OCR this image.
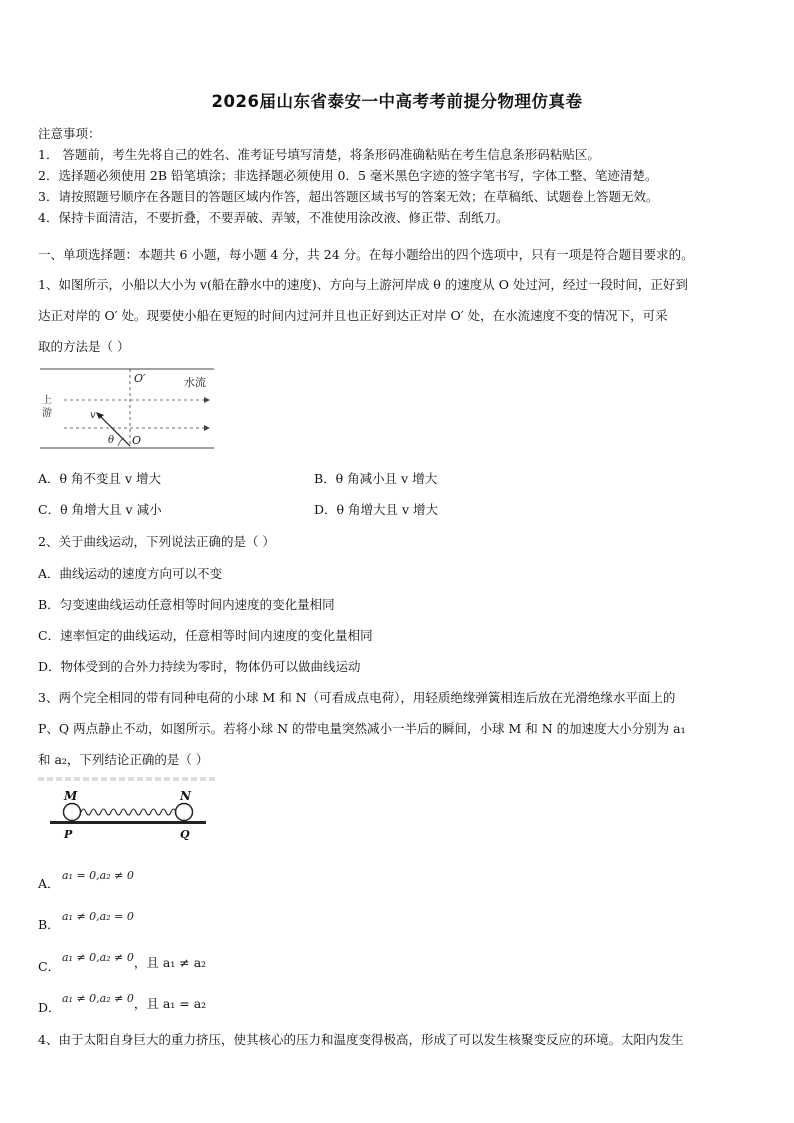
2026届山东省泰安一中高考考前提分物理仿真卷
注意事项：
1． 答题前，考生先将自己的姓名、准考证号填写清楚，将条形码准确粘贴在考生信息条形码粘贴区。
2．选择题必须使用 2B 铅笔填涂；非选择题必须使用 0．5 毫米黑色字迹的签字笔书写，字体工整、笔迹清楚。
3．请按照题号顺序在各题目的答题区域内作答，超出答题区域书写的答案无效；在草稿纸、试题卷上答题无效。
4．保持卡面清洁，不要折叠，不要弄破、弄皱，不准使用涂改液、修正带、刮纸刀。
一、单项选择题：本题共 6 小题，每小题 4 分，共 24 分。在每小题给出的四个选项中，只有一项是符合题目要求的。
1、如图所示，小船以大小为 v(船在静水中的速度)、方向与上游河岸成 θ 的速度从 O 处过河，经过一段时间，正好到
达正对岸的 O′ 处。现要使小船在更短的时间内过河并且也正好到达正对岸 O′ 处，在水流速度不变的情况下，可采
取的方法是（ ）
O′	水流
上
游	v
θ O
A．θ 角不变且 v 增大	B．θ 角减小且 v 增大
C．θ 角增大且 v 减小	D．θ 角增大且 v 增大
2、关于曲线运动，下列说法正确的是（ ）
A．曲线运动的速度方向可以不变
B．匀变速曲线运动任意相等时间内速度的变化量相同
C．速率恒定的曲线运动，任意相等时间内速度的变化量相同
D．物体受到的合外力持续为零时，物体仍可以做曲线运动
3、两个完全相同的带有同种电荷的小球 M 和 N（可看成点电荷），用轻质绝缘弹簧相连后放在光滑绝缘水平面上的
P、Q 两点静止不动，如图所示。若将小球 N 的带电量突然减小一半后的瞬间，小球 M 和 N 的加速度大小分别为 a₁
和 a₂，下列结论正确的是（ ）
M	N
P	Q
A．a₁ = 0,a₂ ≠ 0
B．a₁ ≠ 0,a₂ = 0
C．a₁ ≠ 0,a₂ ≠ 0，且 a₁ ≠ a₂
D．a₁ ≠ 0,a₂ ≠ 0，且 a₁ = a₂
4、由于太阳自身巨大的重力挤压，使其核心的压力和温度变得极高，形成了可以发生核聚变反应的环境。太阳内发生
